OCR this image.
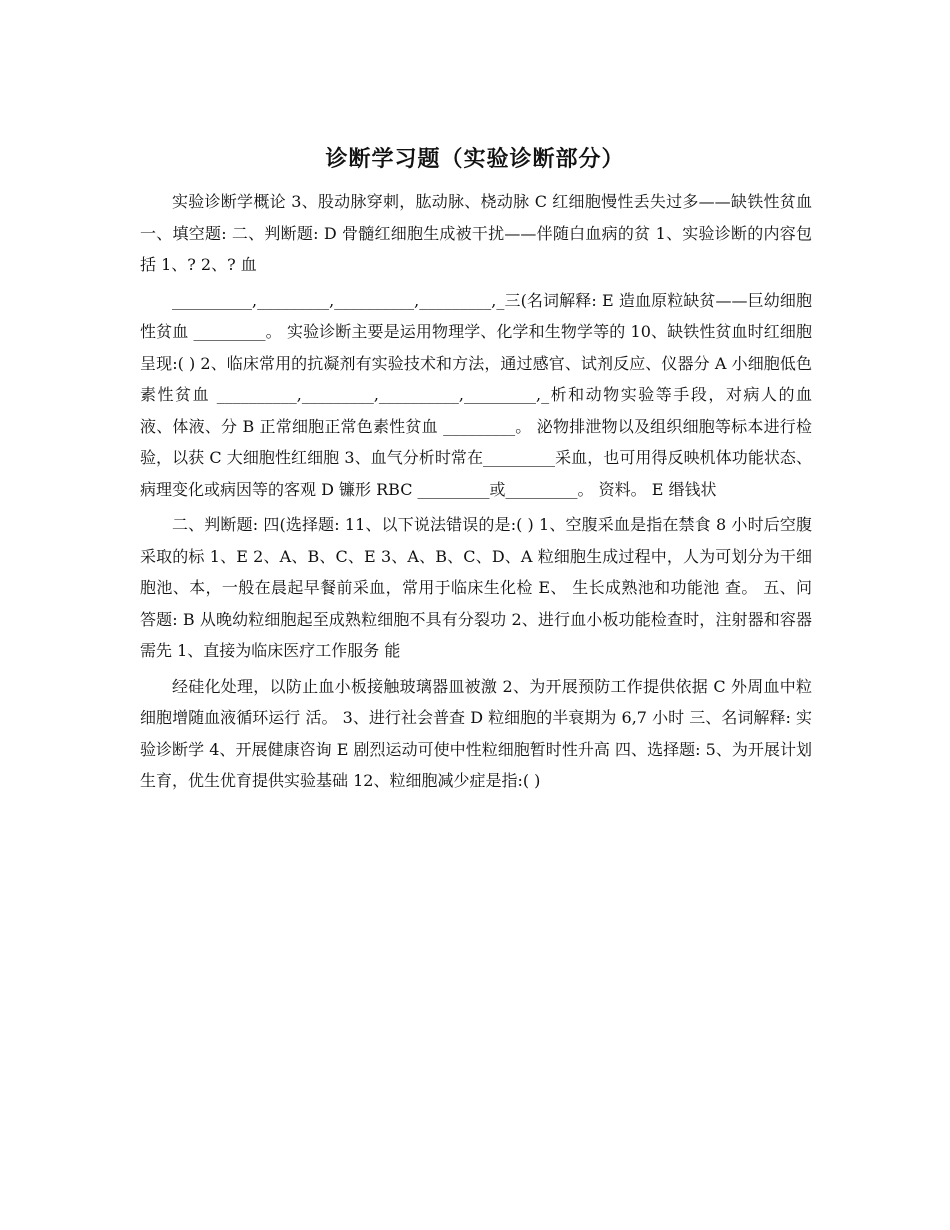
诊断学习题（实验诊断部分）

实验诊断学概论 3、股动脉穿刺，肱动脉、桡动脉 C 红细胞慢性丢失过多——缺铁性贫血 一、填空题: 二、判断题: D 骨髓红细胞生成被干扰——伴随白血病的贫 1、实验诊断的内容包括 1、? 2、? 血

__________,_________,__________,_________,_三(名词解释: E 造血原粒缺贫——巨幼细胞性贫血 _________。 实验诊断主要是运用物理学、化学和生物学等的 10、缺铁性贫血时红细胞呈现:( ) 2、临床常用的抗凝剂有实验技术和方法，通过感官、试剂反应、仪器分 A 小细胞低色素性贫血 __________,_________,__________,_________,_析和动物实验等手段，对病人的血液、体液、分 B 正常细胞正常色素性贫血 _________。 泌物排泄物以及组织细胞等标本进行检验，以获 C 大细胞性红细胞 3、血气分析时常在_________采血，也可用得反映机体功能状态、病理变化或病因等的客观 D 镰形 RBC _________或_________。 资料。 E 缗钱状

二、判断题: 四(选择题: 11、以下说法错误的是:( ) 1、空腹采血是指在禁食 8 小时后空腹采取的标 1、E 2、A、B、C、E 3、A、B、C、D、A 粒细胞生成过程中，人为可划分为干细胞池、本，一般在晨起早餐前采血，常用于临床生化检 E、 生长成熟池和功能池 查。 五、问答题: B 从晚幼粒细胞起至成熟粒细胞不具有分裂功 2、进行血小板功能检查时，注射器和容器需先 1、直接为临床医疗工作服务 能

经硅化处理，以防止血小板接触玻璃器皿被激 2、为开展预防工作提供依据 C 外周血中粒细胞增随血液循环运行 活。 3、进行社会普查 D 粒细胞的半衰期为 6,7 小时 三、名词解释: 实验诊断学 4、开展健康咨询 E 剧烈运动可使中性粒细胞暂时性升高 四、选择题: 5、为开展计划生育，优生优育提供实验基础 12、粒细胞减少症是指:( )
